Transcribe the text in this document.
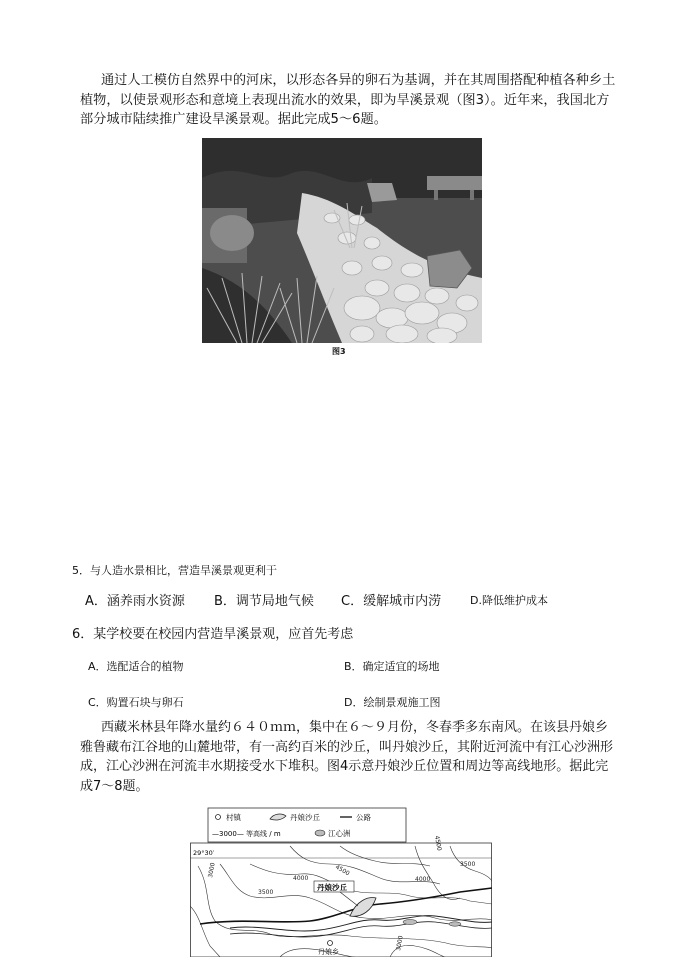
通过人工模仿自然界中的河床，以形态各异的卵石为基调，并在其周围搭配种植各种乡土植物，以使景观形态和意境上表现出流水的效果，即为旱溪景观（图3）。近年来，我国北方部分城市陆续推广建设旱溪景观。据此完成5～6题。
图3
5．与人造水景相比，营造旱溪景观更利于
A．涵养雨水资源 B．调节局地气候 C．缓解城市内涝	D.降低维护成本
6．某学校要在校园内营造旱溪景观，应首先考虑
A．选配适合的植物	B．确定适宜的场地
C．购置石块与卵石	D．绘制景观施工图
西藏米林县年降水量约６４０ｍｍ，集中在６～９月份，冬春季多东南风。在该县丹娘乡雅鲁藏布江谷地的山麓地带，有一高约百米的沙丘，叫丹娘沙丘，其附近河流中有江心沙洲形成，江心沙洲在河流丰水期接受水下堆积。图4示意丹娘沙丘位置和周边等高线地形。据此完成7～8题。
村镇	丹娘沙丘	公路
—3000— 等高线 / m	江心洲
29°30′
丹娘沙丘
丹娘乡
3000
4000
3500
4500
4000
3500
3000
4500
